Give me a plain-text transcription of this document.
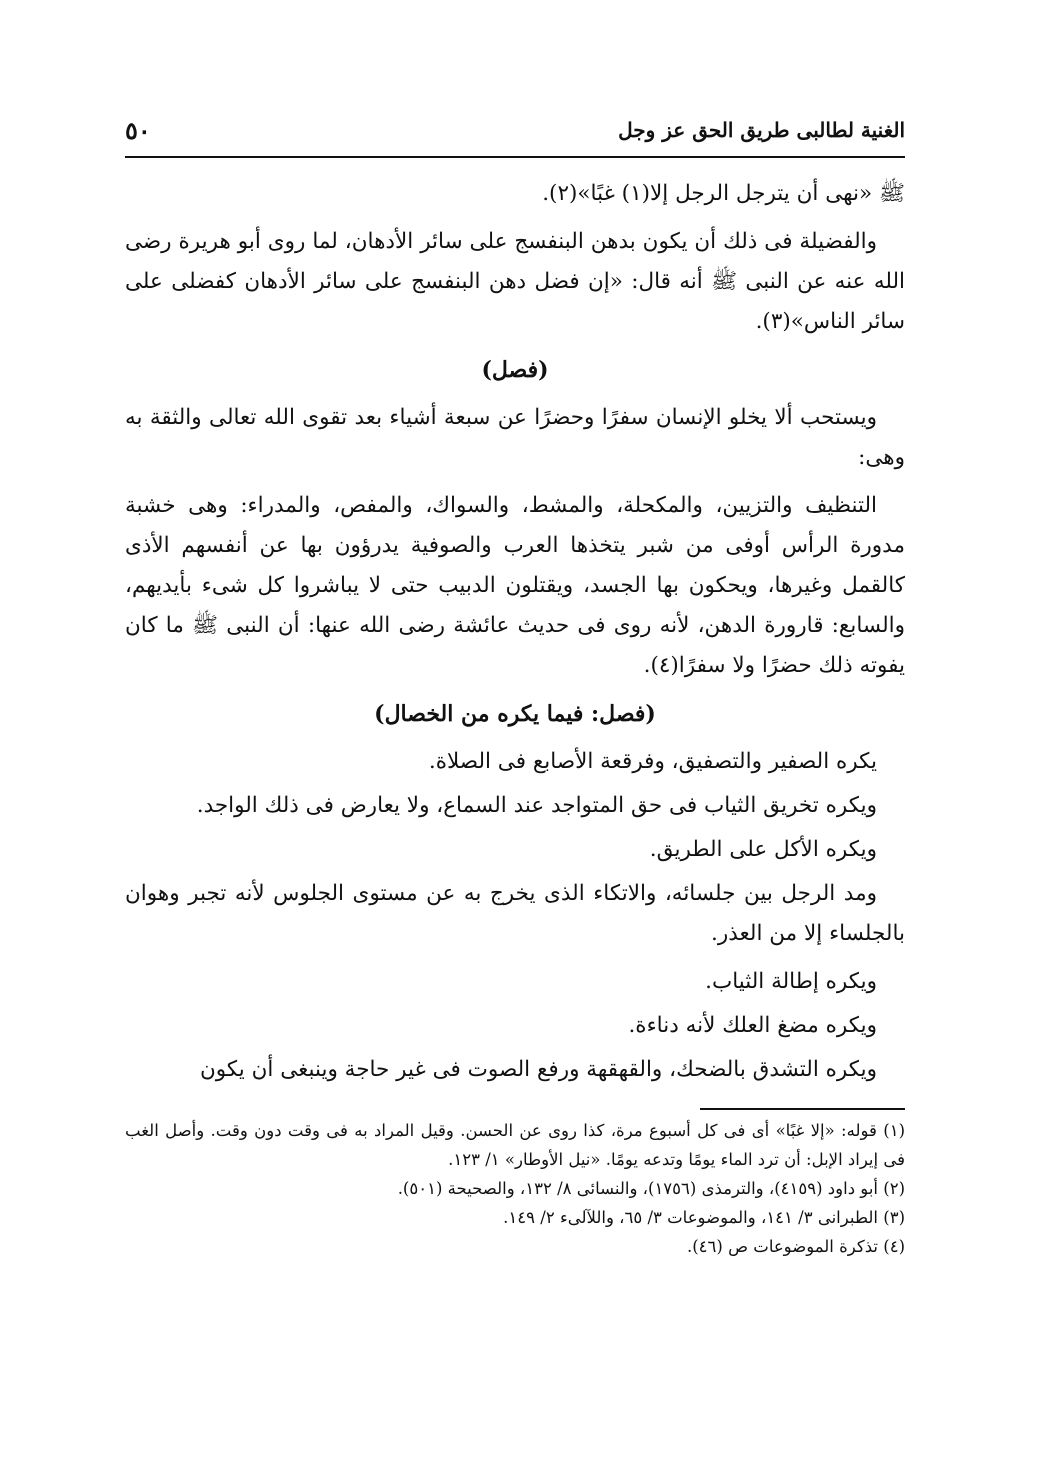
الغنية لطالبى طريق الحق عز وجل
٥٠

ﷺ «نهى أن يترجل الرجل إلا(١) غبًا»(٢).

والفضيلة فى ذلك أن يكون بدهن البنفسج على سائر الأدهان، لما روى أبو هريرة رضى الله عنه عن النبى ﷺ أنه قال: «إن فضل دهن البنفسج على سائر الأدهان كفضلى على سائر الناس»(٣).

(فصل)

ويستحب ألا يخلو الإنسان سفرًا وحضرًا عن سبعة أشياء بعد تقوى الله تعالى والثقة به وهى:

التنظيف والتزيين، والمكحلة، والمشط، والسواك، والمفص، والمدراء: وهى خشبة مدورة الرأس أوفى من شبر يتخذها العرب والصوفية يدرؤون بها عن أنفسهم الأذى كالقمل وغيرها، ويحكون بها الجسد، ويقتلون الدبيب حتى لا يباشروا كل شىء بأيديهم، والسابع: قارورة الدهن، لأنه روى فى حديث عائشة رضى الله عنها: أن النبى ﷺ ما كان يفوته ذلك حضرًا ولا سفرًا(٤).

(فصل: فيما يكره من الخصال)

يكره الصفير والتصفيق، وفرقعة الأصابع فى الصلاة.

ويكره تخريق الثياب فى حق المتواجد عند السماع، ولا يعارض فى ذلك الواجد.

ويكره الأكل على الطريق.

ومد الرجل بين جلسائه، والاتكاء الذى يخرج به عن مستوى الجلوس لأنه تجبر وهوان بالجلساء إلا من العذر.

ويكره إطالة الثياب.

ويكره مضغ العلك لأنه دناءة.

ويكره التشدق بالضحك، والقهقهة ورفع الصوت فى غير حاجة وينبغى أن يكون

(١) قوله: «إلا غبًا» أى فى كل أسبوع مرة، كذا روى عن الحسن. وقيل المراد به فى وقت دون وقت. وأصل الغب فى إيراد الإبل: أن ترد الماء يومًا وتدعه يومًا. «نيل الأوطار» ١/ ١٢٣.

(٢) أبو داود (٤١٥٩)، والترمذى (١٧٥٦)، والنسائى ٨/ ١٣٢، والصحيحة (٥٠١).

(٣) الطبرانى ٣/ ١٤١، والموضوعات ٣/ ٦٥، واللآلىء ٢/ ١٤٩.

(٤) تذكرة الموضوعات ص (٤٦).
